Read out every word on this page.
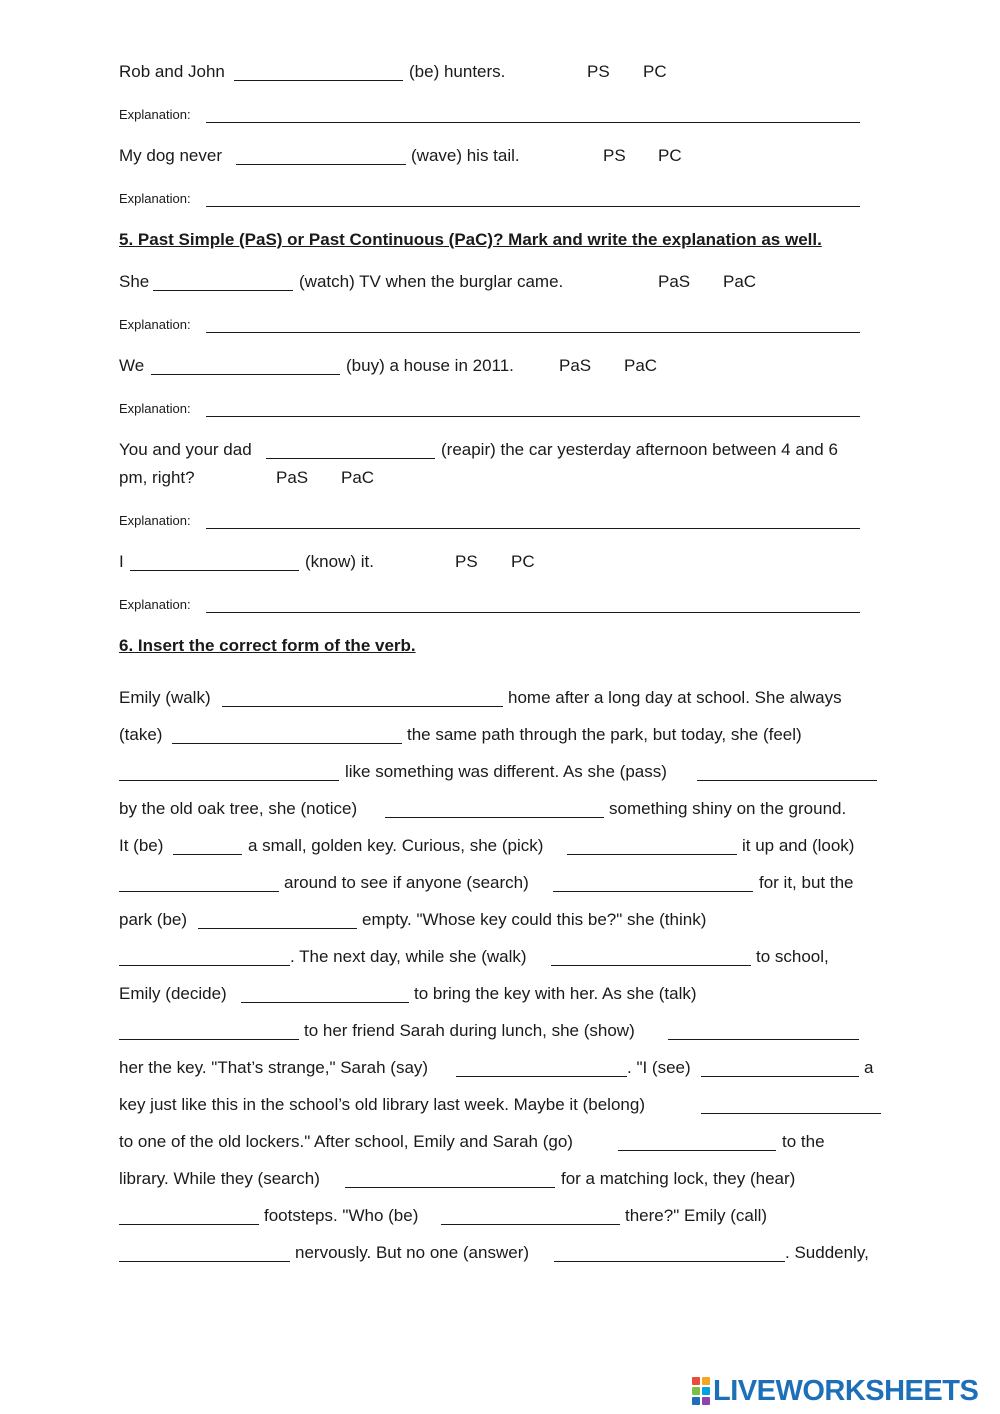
Rob and John	(be) hunters.	PS PC
Explanation:
My dog never	(wave) his tail.	PS PC
Explanation:
5. Past Simple (PaS) or Past Continuous (PaC)? Mark and write the explanation as well.
She	(watch) TV when the burglar came.	PaS PaC
Explanation:
We	(buy) a house in 2011.	PaS PaC
Explanation:
You and your dad	(reapir) the car yesterday afternoon between 4 and 6
pm, right?	PaS PaC
Explanation:
I	(know) it.	PS PC
Explanation:
6. Insert the correct form of the verb.
Emily (walk)	home after a long day at school. She always
(take)	the same path through the park, but today, she (feel)
like something was different. As she (pass)
by the old oak tree, she (notice)	something shiny on the ground.
It (be)	a small, golden key. Curious, she (pick)	it up and (look)
around to see if anyone (search)	for it, but the
park (be)	empty. "Whose key could this be?" she (think)
. The next day, while she (walk)	to school,
Emily (decide)	to bring the key with her. As she (talk)
to her friend Sarah during lunch, she (show)
her the key. "That’s strange," Sarah (say)	. "I (see)	a
key just like this in the school’s old library last week. Maybe it (belong)
to one of the old lockers." After school, Emily and Sarah (go)	to the
library. While they (search)	for a matching lock, they (hear)
footsteps. "Who (be)	there?" Emily (call)
nervously. But no one (answer)	. Suddenly,
LIVEWORKSHEETS
